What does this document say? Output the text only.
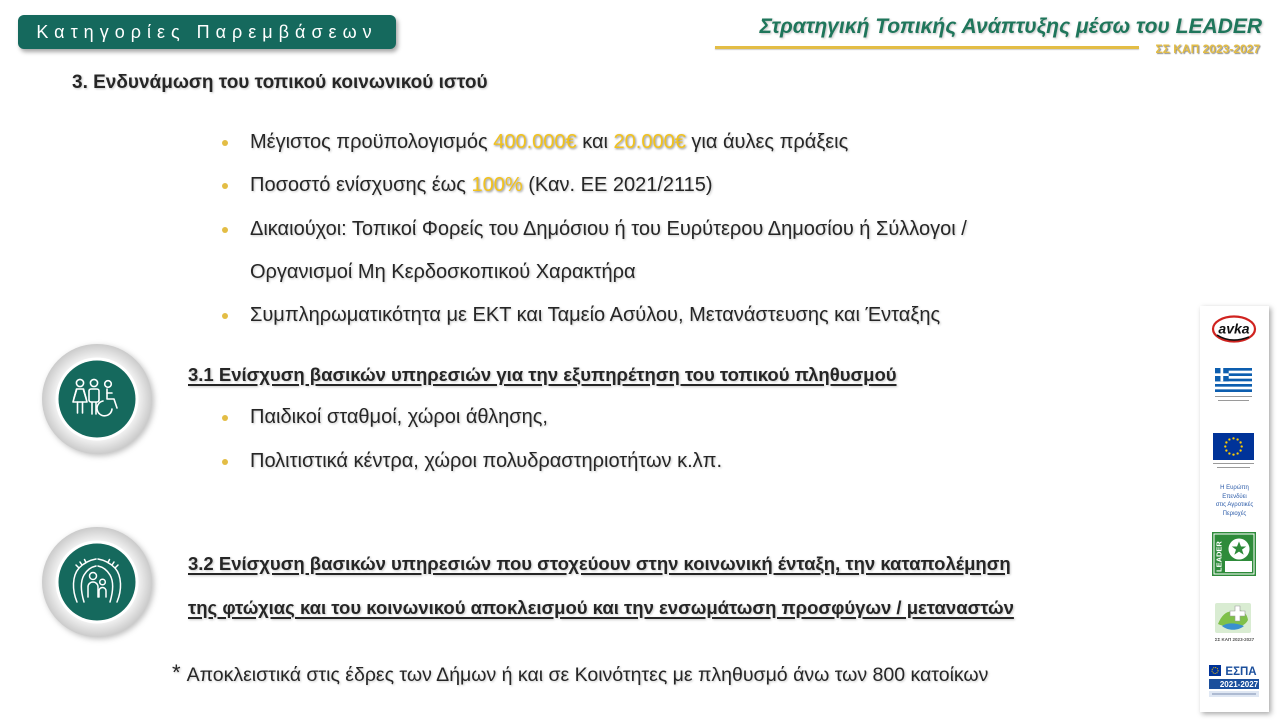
Κατηγορίες Παρεμβάσεων	Στρατηγική Τοπικής Ανάπτυξης μέσω του LEADER
ΣΣ ΚΑΠ 2023-2027
3. Ενδυνάμωση του τοπικού κοινωνικού ιστού
Μέγιστος προϋπολογισμός 400.000€ και 20.000€ για άυλες πράξεις
Ποσοστό ενίσχυσης έως 100% (Καν. ΕΕ 2021/2115)
Δικαιούχοι: Τοπικοί Φορείς του Δημόσιου ή του Ευρύτερου Δημοσίου ή Σύλλογοι /
Οργανισμοί Μη Κερδοσκοπικού Χαρακτήρα
Συμπληρωματικότητα με ΕΚΤ και Ταμείο Ασύλου, Μετανάστευσης και Ένταξης
3.1 Ενίσχυση βασικών υπηρεσιών για την εξυπηρέτηση του τοπικού πληθυσμού
Παιδικοί σταθμοί, χώροι άθλησης,
Πολιτιστικά κέντρα, χώροι πολυδραστηριοτήτων κ.λπ.
3.2 Ενίσχυση βασικών υπηρεσιών που στοχεύουν στην κοινωνική ένταξη, την καταπολέμηση
της φτώχιας και του κοινωνικού αποκλεισμού και την ενσωμάτωση προσφύγων / μεταναστών
* Αποκλειστικά στις έδρες των Δήμων ή και σε Κοινότητες με πληθυσμό άνω των 800 κατοίκων
avka
Η Ευρώπη
Επενδύει
στις Αγροτικές
Περιοχές
LEADER
ΣΣ ΚΑΠ 2023-2027
ΕΣΠΑ
2021-2027
